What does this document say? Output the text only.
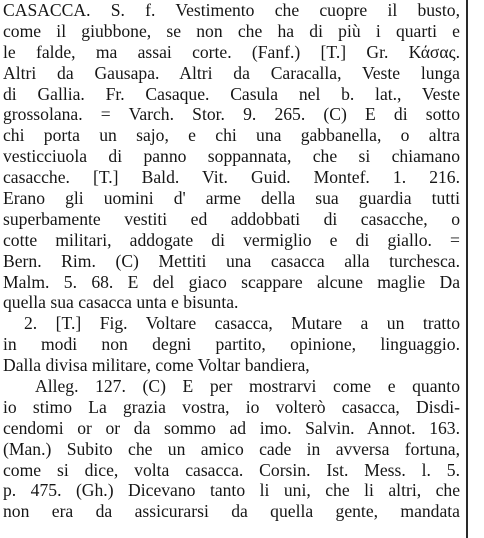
CASACCA. S. f. Vestimento che cuopre il busto,
come il giubbone, se non che ha di più i quarti e
le falde, ma assai corte. (Fanf.) [T.] Gr. Κάσας.
Altri da Gausapa. Altri da Caracalla, Veste lunga
di Gallia. Fr. Casaque. Casula nel b. lat., Veste
grossolana. = Varch. Stor. 9. 265. (C) E di sotto
chi porta un sajo, e chi una gabbanella, o altra
vesticciuola di panno soppannata, che si chiamano
casacche. [T.] Bald. Vit. Guid. Montef. 1. 216.
Erano gli uomini d' arme della sua guardia tutti
superbamente vestiti ed addobbati di casacche, o
cotte militari, addogate di vermiglio e di giallo. =
Bern. Rim. (C) Mettiti una casacca alla turchesca.
Malm. 5. 68. E del giaco scappare alcune maglie Da
quella sua casacca unta e bisunta.
2. [T.] Fig. Voltare casacca, Mutare a un tratto
in modi non degni partito, opinione, linguaggio.
Dalla divisa militare, come Voltar bandiera,
Alleg. 127. (C) E per mostrarvi come e quanto
io stimo La grazia vostra, io volterò casacca, Disdi-
cendomi or or da sommo ad imo. Salvin. Annot. 163.
(Man.) Subito che un amico cade in avversa fortuna,
come si dice, volta casacca. Corsin. Ist. Mess. l. 5.
p. 475. (Gh.) Dicevano tanto li uni, che li altri, che
non era da assicurarsi da quella gente, mandata
